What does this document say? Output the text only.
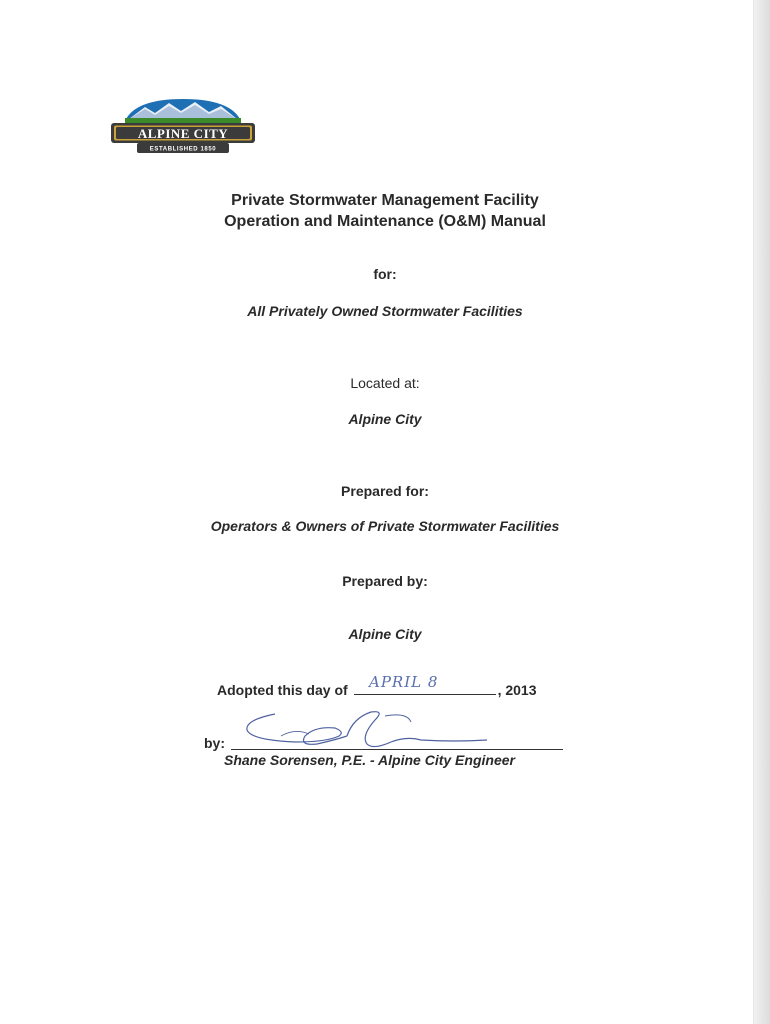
ALPINE CITY
ESTABLISHED 1850
Private Stormwater Management Facility
Operation and Maintenance (O&M) Manual
for:
All Privately Owned Stormwater Facilities
Located at:
Alpine City
Prepared for:
Operators & Owners of Private Stormwater Facilities
Prepared by:
Alpine City
Adopted this day of	, 2013
APRIL 8
by:
Shane Sorensen, P.E. - Alpine City Engineer
